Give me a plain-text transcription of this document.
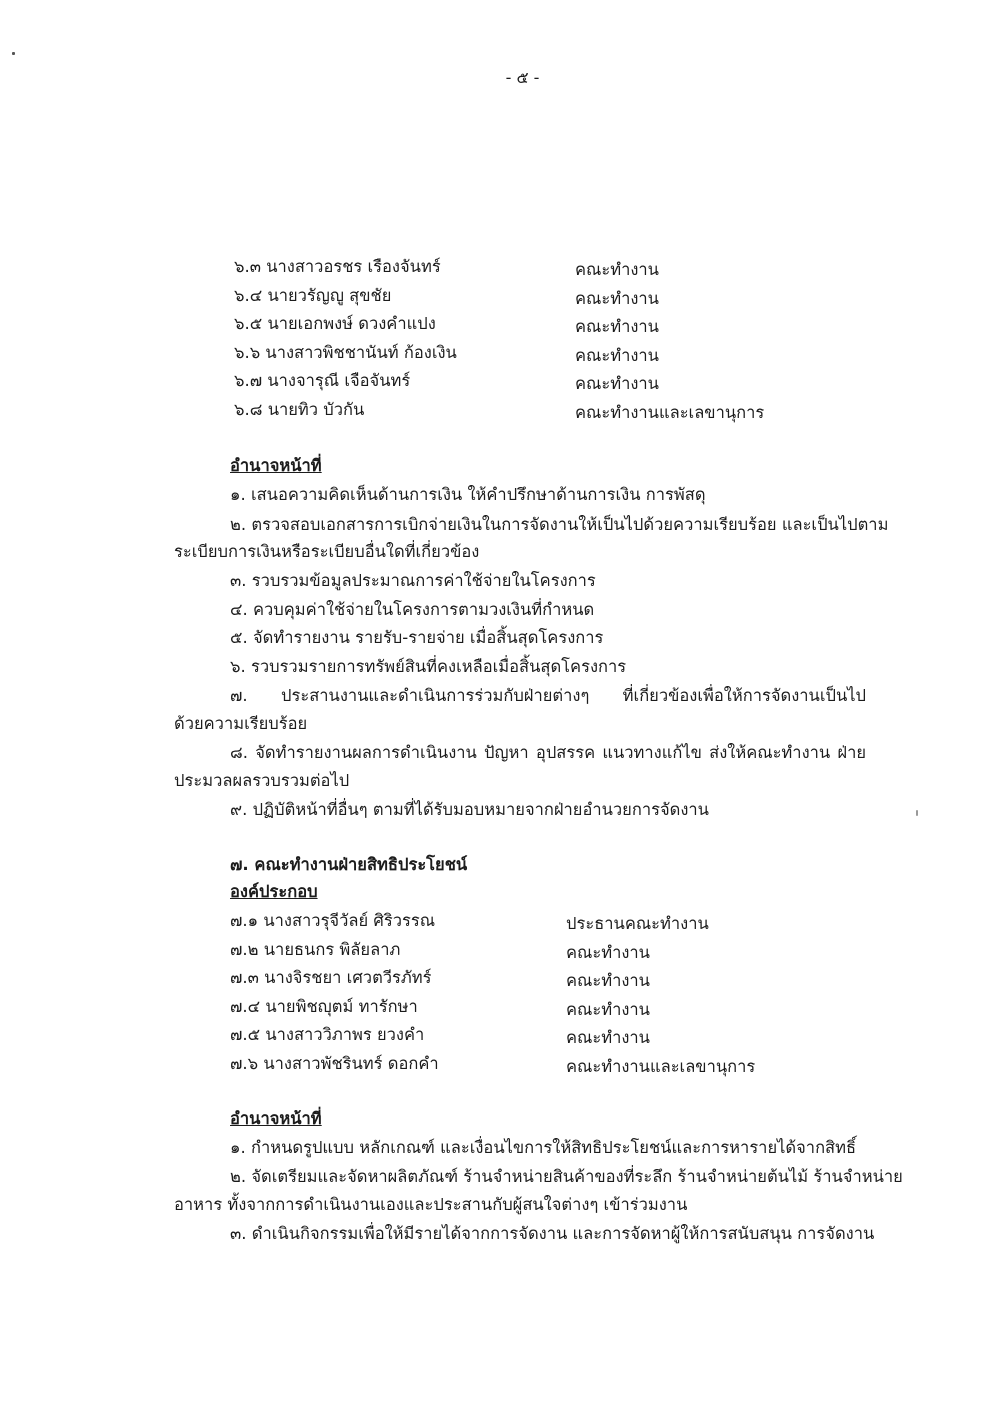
- ๕ -
๖.๓ นางสาวอรชร เรืองจันทร์	คณะทำงาน
๖.๔ นายวรัญญู สุขชัย	คณะทำงาน
๖.๕ นายเอกพงษ์ ดวงคำแปง	คณะทำงาน
๖.๖ นางสาวพิชชานันท์ ก้องเงิน	คณะทำงาน
๖.๗ นางจารุณี เจือจันทร์	คณะทำงาน
๖.๘ นายทิว บัวกัน	คณะทำงานและเลขานุการ
อำนาจหน้าที่
๑. เสนอความคิดเห็นด้านการเงิน ให้คำปรึกษาด้านการเงิน การพัสดุ
๒. ตรวจสอบเอกสารการเบิกจ่ายเงินในการจัดงานให้เป็นไปด้วยความเรียบร้อย และเป็นไปตาม
ระเบียบการเงินหรือระเบียบอื่นใดที่เกี่ยวข้อง
๓. รวบรวมข้อมูลประมาณการค่าใช้จ่ายในโครงการ
๔. ควบคุมค่าใช้จ่ายในโครงการตามวงเงินที่กำหนด
๕. จัดทำรายงาน รายรับ-รายจ่าย เมื่อสิ้นสุดโครงการ
๖. รวบรวมรายการทรัพย์สินที่คงเหลือเมื่อสิ้นสุดโครงการ
๗. ประสานงานและดำเนินการร่วมกับฝ่ายต่างๆ ที่เกี่ยวข้องเพื่อให้การจัดงานเป็นไป
ด้วยความเรียบร้อย
๘. จัดทำรายงานผลการดำเนินงาน ปัญหา อุปสรรค แนวทางแก้ไข ส่งให้คณะทำงาน ฝ่าย
ประมวลผลรวบรวมต่อไป
๙. ปฏิบัติหน้าที่อื่นๆ ตามที่ได้รับมอบหมายจากฝ่ายอำนวยการจัดงาน
๗. คณะทำงานฝ่ายสิทธิประโยชน์
องค์ประกอบ
๗.๑ นางสาวรุจีวัลย์ ศิริวรรณ	ประธานคณะทำงาน
๗.๒ นายธนกร พิลัยลาภ	คณะทำงาน
๗.๓ นางจิรชยา เศวตวีรภัทร์	คณะทำงาน
๗.๔ นายพิชญุตม์ ทารักษา	คณะทำงาน
๗.๕ นางสาววิภาพร ยวงคำ	คณะทำงาน
๗.๖ นางสาวพัชรินทร์ ดอกคำ	คณะทำงานและเลขานุการ
อำนาจหน้าที่
๑. กำหนดรูปแบบ หลักเกณฑ์ และเงื่อนไขการให้สิทธิประโยชน์และการหารายได้จากสิทธิ์
๒. จัดเตรียมและจัดหาผลิตภัณฑ์ ร้านจำหน่ายสินค้าของที่ระลึก ร้านจำหน่ายต้นไม้ ร้านจำหน่าย
อาหาร ทั้งจากการดำเนินงานเองและประสานกับผู้สนใจต่างๆ เข้าร่วมงาน
๓. ดำเนินกิจกรรมเพื่อให้มีรายได้จากการจัดงาน และการจัดหาผู้ให้การสนับสนุน การจัดงาน
